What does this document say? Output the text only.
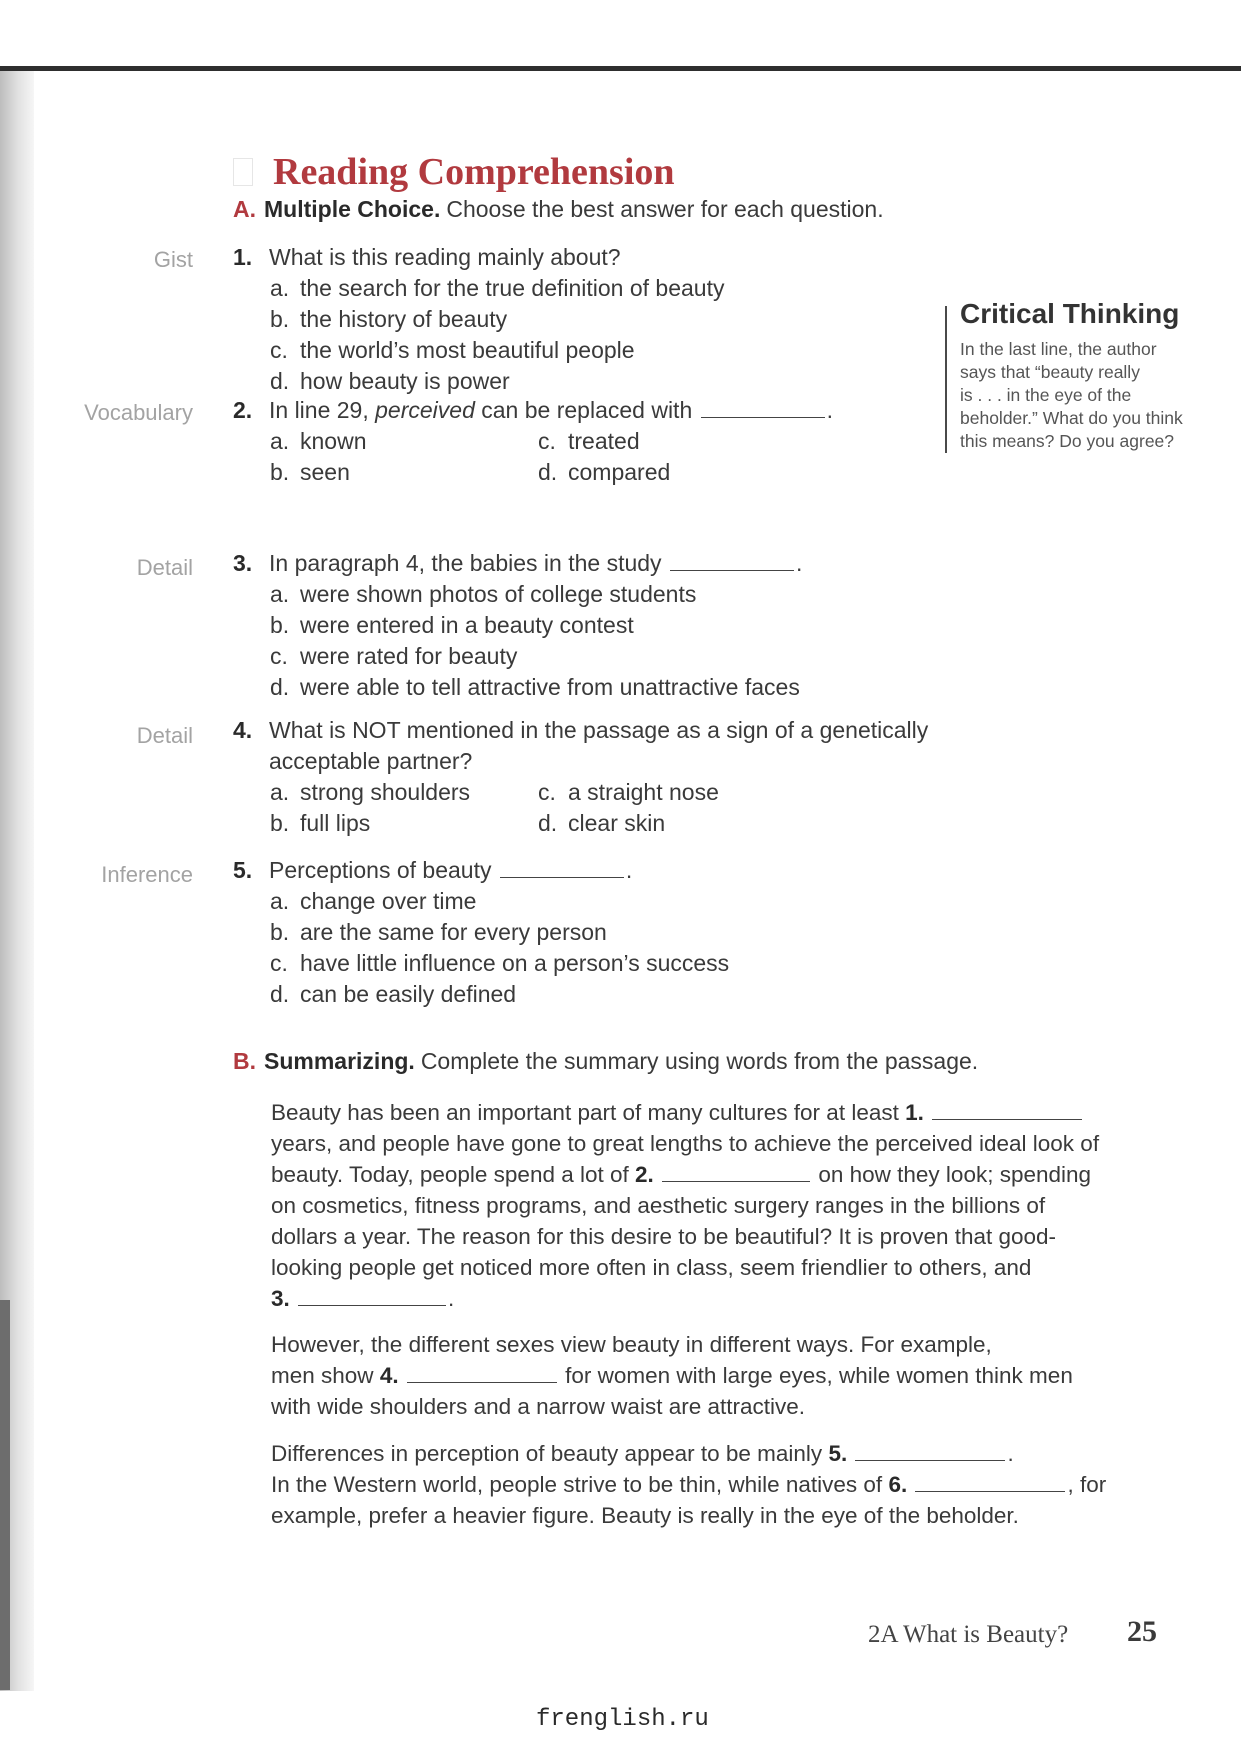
Reading Comprehension
A. Multiple Choice. Choose the best answer for each question.
Gist 1. What is this reading mainly about?
a. the search for the true definition of beauty
b. the history of beauty
c. the world’s most beautiful people
d. how beauty is power
Vocabulary 2. In line 29, perceived can be replaced with	.
a. known	c. treated
b. seen	d. compared
Detail 3. In paragraph 4, the babies in the study	.
a. were shown photos of college students
b. were entered in a beauty contest
c. were rated for beauty
d. were able to tell attractive from unattractive faces
Detail 4. What is NOT mentioned in the passage as a sign of a genetically
acceptable partner?
a. strong shoulders	c. a straight nose
b. full lips	d. clear skin
Inference 5. Perceptions of beauty	.
a. change over time
b. are the same for every person
c. have little influence on a person’s success
d. can be easily defined
Critical Thinking
In the last line, the author
says that “beauty really
is . . . in the eye of the
beholder.” What do you think
this means? Do you agree?
B. Summarizing. Complete the summary using words from the passage.
Beauty has been an important part of many cultures for at least 1.
years, and people have gone to great lengths to achieve the perceived ideal look of
beauty. Today, people spend a lot of 2.	on how they look; spending
on cosmetics, fitness programs, and aesthetic surgery ranges in the billions of
dollars a year. The reason for this desire to be beautiful? It is proven that good-
looking people get noticed more often in class, seem friendlier to others, and
3.	.
However, the different sexes view beauty in different ways. For example,
men show 4.	for women with large eyes, while women think men
with wide shoulders and a narrow waist are attractive.
Differences in perception of beauty appear to be mainly 5.	.
In the Western world, people strive to be thin, while natives of 6.	, for
example, prefer a heavier figure. Beauty is really in the eye of the beholder.
2A What is Beauty? 25
frenglish.ru
